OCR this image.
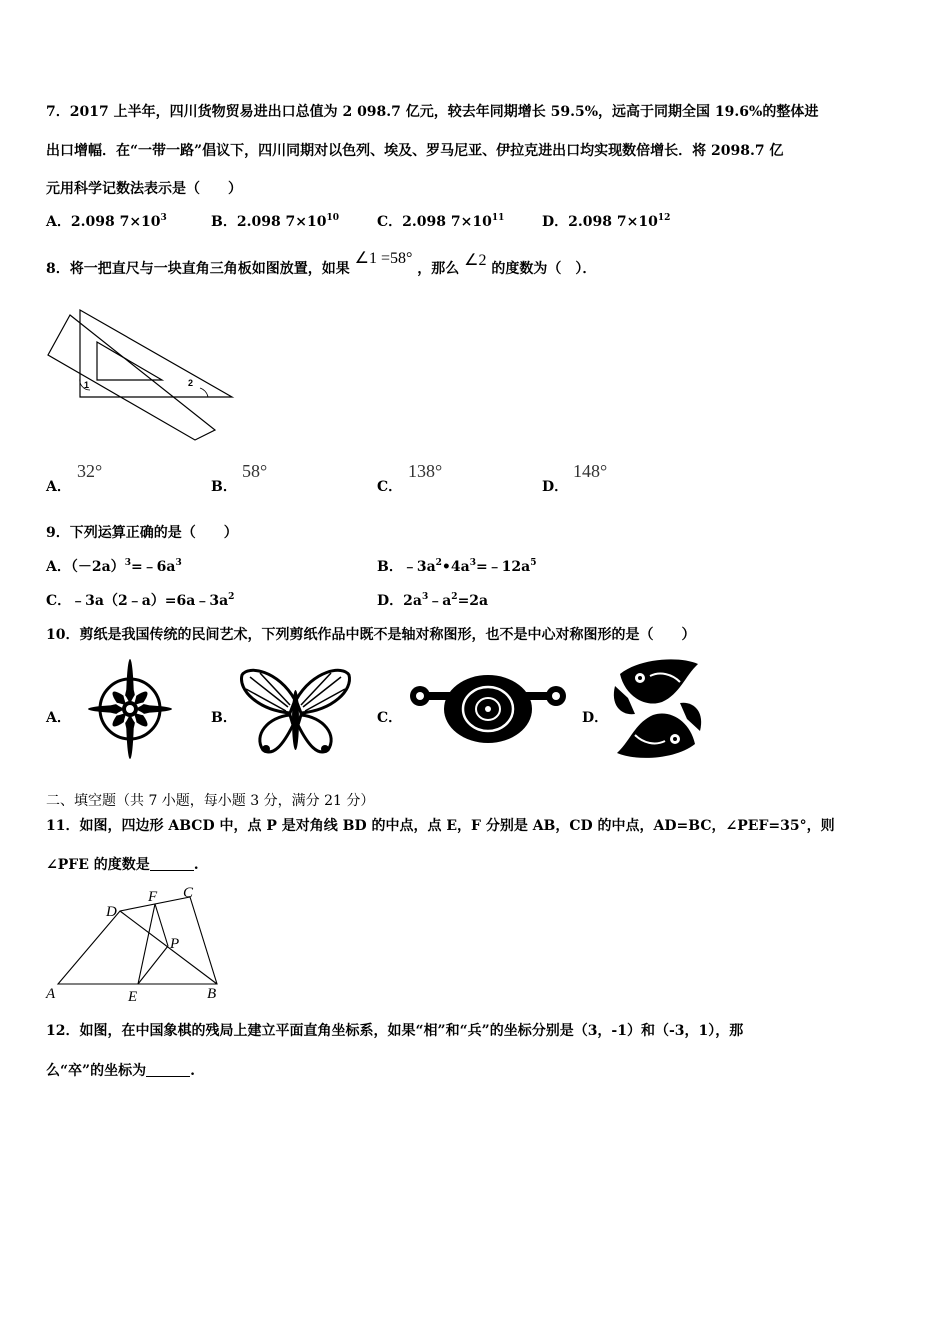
7．2017 上半年，四川货物贸易进出口总值为 2 098.7 亿元，较去年同期增长 59.5%，远高于同期全国 19.6%的整体进
出口增幅．在“一带一路”倡议下，四川同期对以色列、埃及、罗马尼亚、伊拉克进出口均实现数倍增长．将 2098.7 亿
元用科学记数法表示是（　　）
A．2.098 $7\times 10^3$	B．2.098 $7\times 10^{10}$	C．2.098 $7\times 10^{11}$	D．2.098 $7\times 10^{12}$
8．将一把直尺与一块直角三角板如图放置，如果 ∠1 =58° ，那么 ∠2 的度数为（　）．
1	2
A．
32°
B．
58°
C．
138°
D．
148°
9．下列运算正确的是（　　）
A．$(-2a)^3=﹣6a^3$	B．$﹣3a^2•4a^3=﹣12a^5$
C．$﹣3a(2﹣a)=6a﹣3a^2$	D．$2a^3﹣a^2=2a$
10．剪纸是我国传统的民间艺术，下列剪纸作品中既不是轴对称图形，也不是中心对称图形的是（　　）
A．	B．	C．	D．
二、填空题（共 7 小题，每小题 3 分，满分 21 分）
11．如图，四边形 ABCD 中，点 P 是对角线 BD 的中点，点 E，F 分别是 AB，CD 的中点，AD=BC，∠PEF=35°，则
∠PFE 的度数是	.
A	E	B
D
F C
P
12．如图，在中国象棋的残局上建立平面直角坐标系，如果“相”和“兵”的坐标分别是（3，-1）和（-3，1），那
么“卒”的坐标为	.
